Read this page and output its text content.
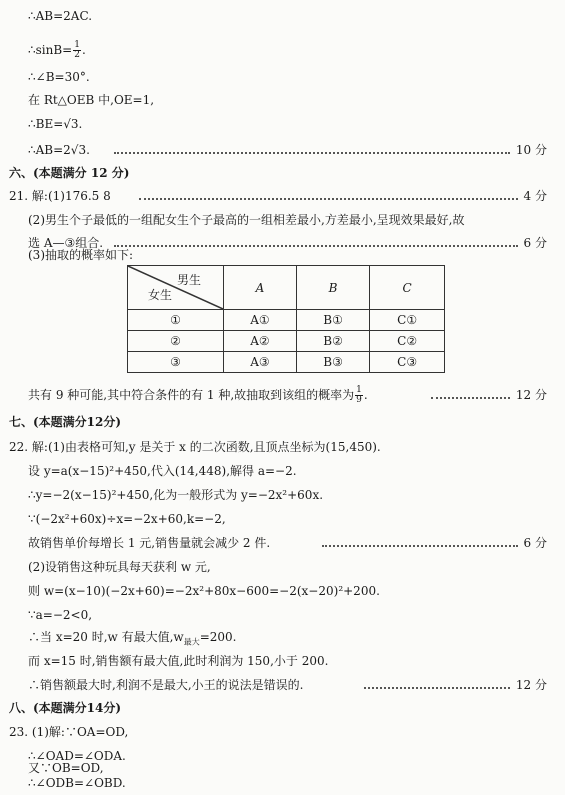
∴AB=2AC.
∴sinB= $\frac{1}{2}$ .
∴∠B=30°.
在 Rt△OEB 中,OE=1,
∴BE=√3.
∴AB=2√3.	10 分
六、(本题满分 12 分)
21. 解:(1)176.5 8	4 分
(2)男生个子最低的一组配女生个子最高的一组相差最小,方差最小,呈现效果最好,故
选 A—③组合.	6 分
(3)抽取的概率如下:
男生
女生	A	B	C
①	A①	B①	C①
②	A②	B②	C②
③	A③	B③	C③
共有 9 种可能,其中符合条件的有 1 种,故抽取到该组的概率为 $\frac{1}{9}$ .	12 分
七、(本题满分12分)
22. 解:(1)由表格可知,y 是关于 x 的二次函数,且顶点坐标为(15,450).
设 y=a(x−15)²+450,代入(14,448),解得 a=−2.
∴y=−2(x−15)²+450,化为一般形式为 y=−2x²+60x.
∵(−2x²+60x)÷x=−2x+60,k=−2,
故销售单价每增长 1 元,销售量就会减少 2 件.	6 分
(2)设销售这种玩具每天获利 w 元,
则 w=(x−10)(−2x+60)=−2x²+80x−600=−2(x−20)²+200.
∵a=−2<0,
∴当 x=20 时,w 有最大值$,w_{最大}=200$.
而 x=15 时,销售额有最大值,此时利润为 150,小于 200.
∴销售额最大时,利润不是最大,小王的说法是错误的.	12 分
八、(本题满分14分)
23. (1)解:∵OA=OD,
∴∠OAD=∠ODA.
又∵OB=OD,
∴∠ODB=∠OBD.
